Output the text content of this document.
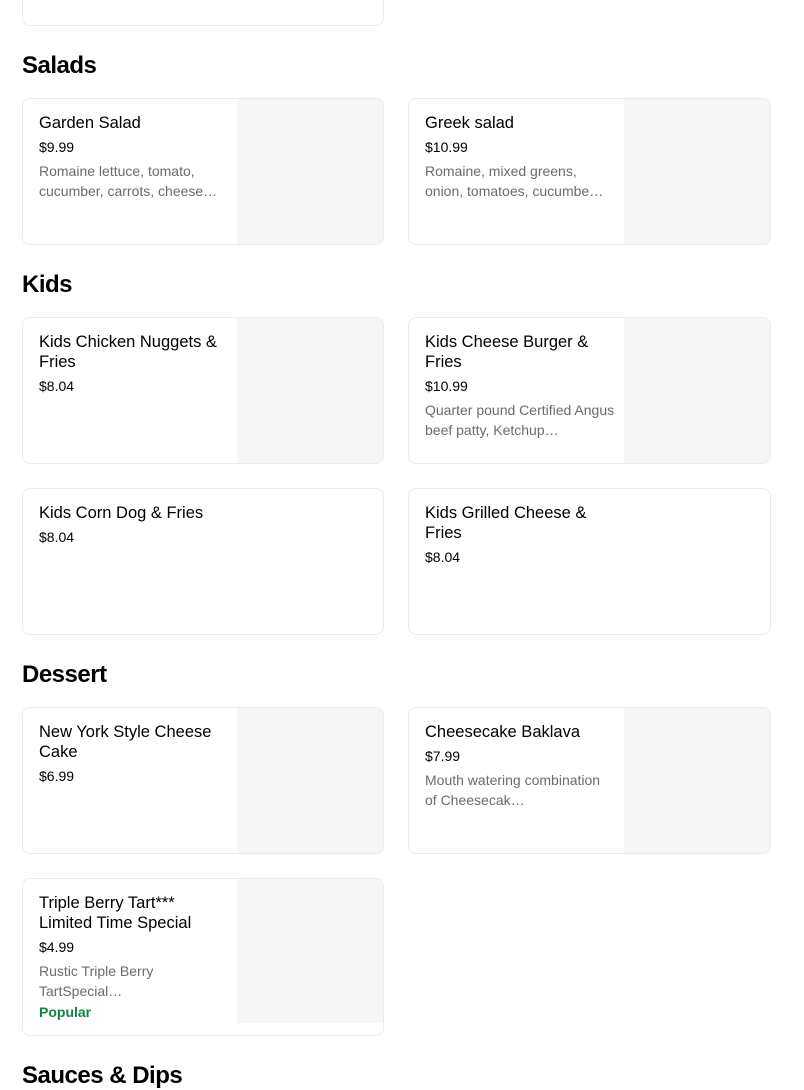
Salads
Garden Salad
$9.99
Romaine lettuce, tomato, cucumber, carrots, cheese…
Greek salad
$10.99
Romaine, mixed greens, onion, tomatoes, cucumbe…
Kids
Kids Chicken Nuggets & Fries
$8.04
Kids Cheese Burger & Fries
$10.99
Quarter pound Certified Angus beef patty, Ketchup…
Kids Corn Dog & Fries
$8.04
Kids Grilled Cheese & Fries
$8.04
Dessert
New York Style Cheese Cake
$6.99
Cheesecake Baklava
$7.99
Mouth watering combination of Cheesecak…
Triple Berry Tart*** Limited Time Special
$4.99
Rustic Triple Berry TartSpecial…
Popular
Sauces & Dips
